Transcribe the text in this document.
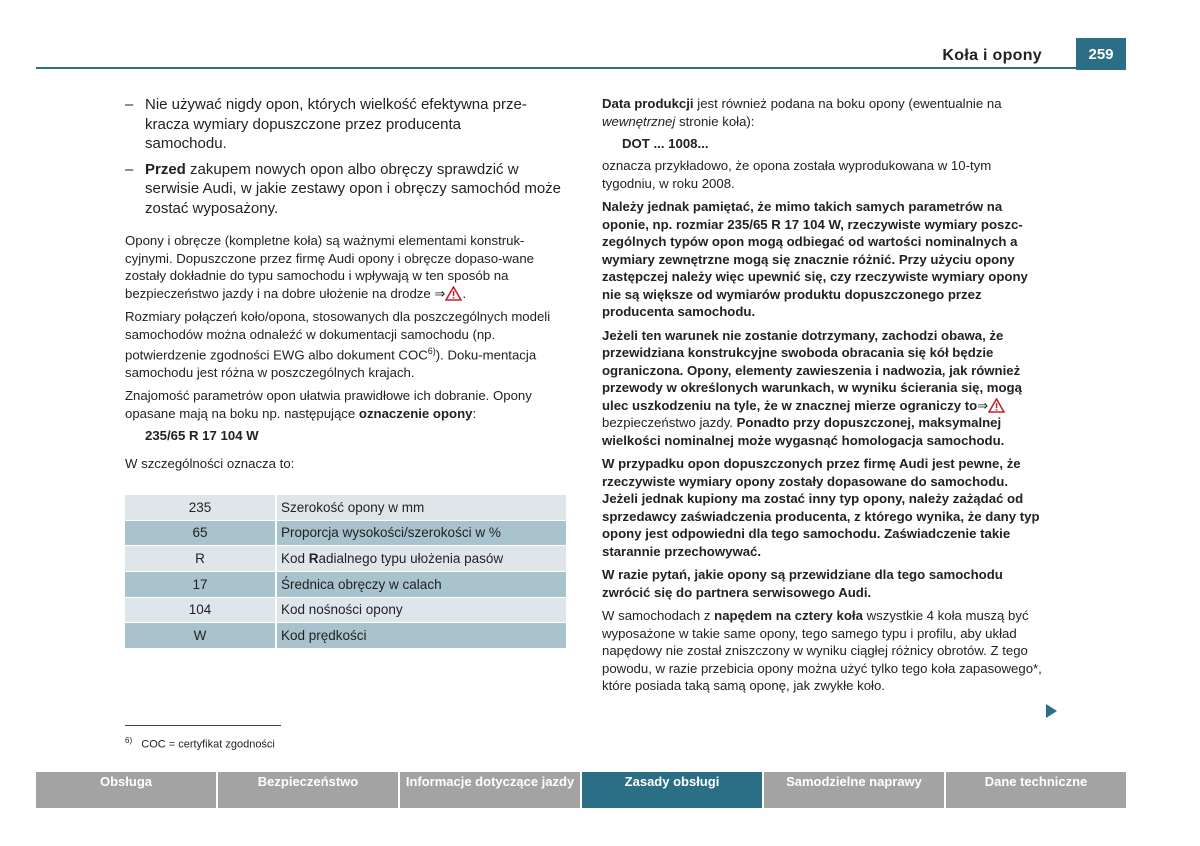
Koła i opony	259
– Nie używać nigdy opon, których wielkość efektywna prze-
kracza wymiary dopuszczone przez producenta
samochodu.
– Przed zakupem nowych opon albo obręczy sprawdzić w serwisie Audi, w jakie zestawy opon i obręczy samochód może zostać wyposażony.

Opony i obręcze (kompletne koła) są ważnymi elementami konstruk-cyjnymi. Dopuszczone przez firmę Audi opony i obręcze dopaso-wane zostały dokładnie do typu samochodu i wpływają w ten sposób na bezpieczeństwo jazdy i na dobre ułożenie na drodze ⇒ .

Rozmiary połączeń koło/opona, stosowanych dla poszczególnych modeli samochodów można odnaleźć w dokumentacji samochodu (np. potwierdzenie zgodności EWG albo dokument COC$^{6)}$). Doku-mentacja samochodu jest różna w poszczególnych krajach.

Znajomość parametrów opon ułatwia prawidłowe ich dobranie. Opony opasane mają na boku np. następujące oznaczenie opony:

235/65 R 17 104 W

W szczególności oznacza to:

235	Szerokość opony w mm
65	Proporcja wysokości/szerokości w %
R	Kod Radialnego typu ułożenia pasów
17	Średnica obręczy w calach
104	Kod nośności opony
W	Kod prędkości
$^{6)}$ COC = certyfikat zgodności

Data produkcji jest również podana na boku opony (ewentualnie na wewnętrznej stronie koła):

DOT ... 1008...

oznacza przykładowo, że opona została wyprodukowana w 10-tym tygodniu, w roku 2008.

Należy jednak pamiętać, że mimo takich samych parametrów na oponie, np. rozmiar 235/65 R 17 104 W, rzeczywiste wymiary poszc-zególnych typów opon mogą odbiegać od wartości nominalnych a wymiary zewnętrzne mogą się znacznie różnić. Przy użyciu opony zastępczej należy więc upewnić się, czy rzeczywiste wymiary opony nie są większe od wymiarów produktu dopuszczonego przez producenta samochodu.

Jeżeli ten warunek nie zostanie dotrzymany, zachodzi obawa, że przewidziana konstrukcyjne swoboda obracania się kół będzie ograniczona. Opony, elementy zawieszenia i nadwozia, jak również przewody w określonych warunkach, w wyniku ścierania się, mogą ulec uszkodzeniu na tyle, że w znacznej mierze ograniczy to⇒ bezpieczeństwo jazdy. Ponadto przy dopuszczonej, maksymalnej wielkości nominalnej może wygasnąć homologacja samochodu.

W przypadku opon dopuszczonych przez firmę Audi jest pewne, że rzeczywiste wymiary opony zostały dopasowane do samochodu. Jeżeli jednak kupiony ma zostać inny typ opony, należy zażądać od sprzedawcy zaświadczenia producenta, z którego wynika, że dany typ opony jest odpowiedni dla tego samochodu. Zaświadczenie takie starannie przechowywać.

W razie pytań, jakie opony są przewidziane dla tego samochodu zwrócić się do partnera serwisowego Audi.

W samochodach z napędem na cztery koła wszystkie 4 koła muszą być wyposażone w takie same opony, tego samego typu i profilu, aby układ napędowy nie został zniszczony w wyniku ciągłej różnicy obrotów. Z tego powodu, w razie przebicia opony można użyć tylko tego koła zapasowego*, które posiada taką samą oponę, jak zwykłe koło.

Obsługa	Bezpieczeństwo	Informacje dotyczące jazdy	Zasady obsługi	Samodzielne naprawy	Dane techniczne
